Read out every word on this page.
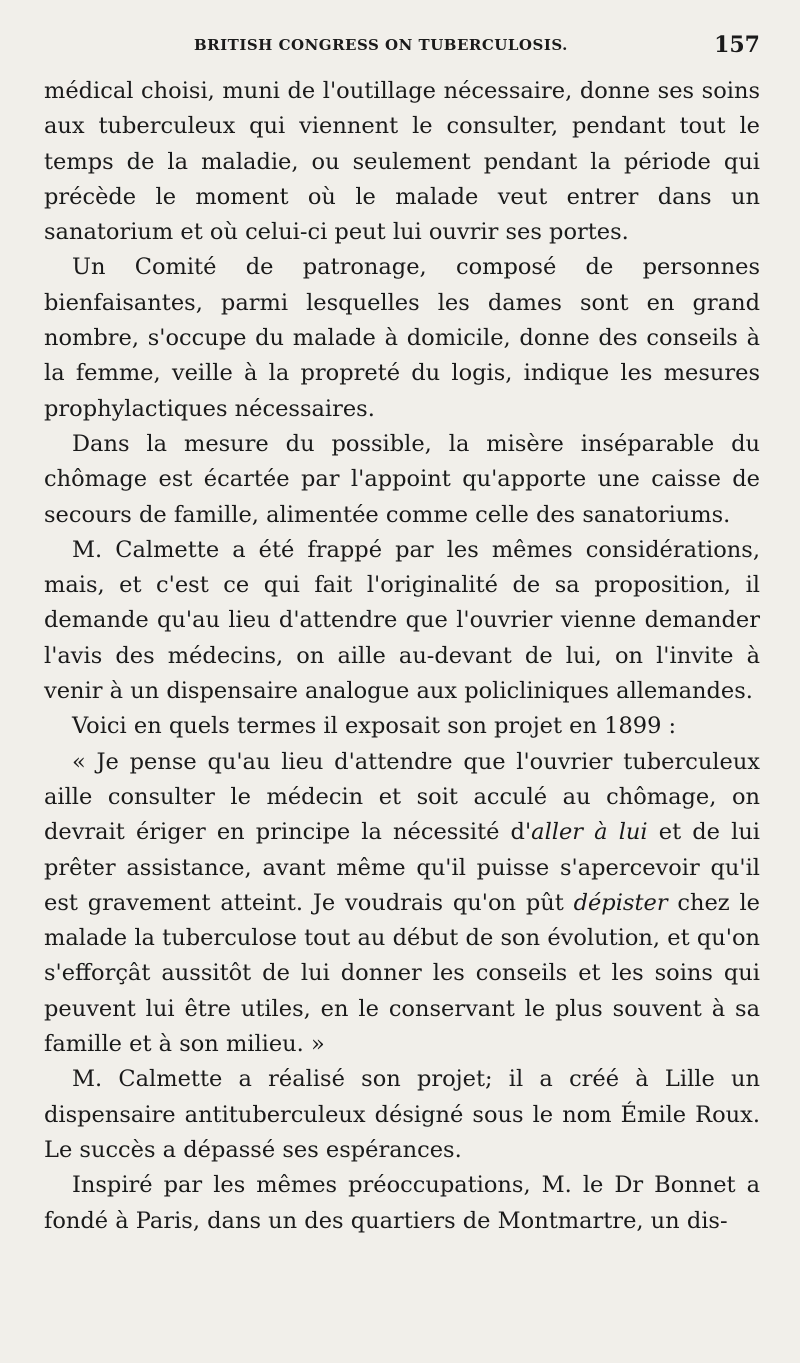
BRITISH CONGRESS ON TUBERCULOSIS.	157

médical choisi, muni de l'outillage nécessaire, donne ses soins aux tuberculeux qui viennent le consulter, pendant tout le temps de la maladie, ou seulement pendant la période qui précède le moment où le malade veut entrer dans un sanatorium et où celui-ci peut lui ouvrir ses portes.

Un Comité de patronage, composé de personnes bienfaisantes, parmi lesquelles les dames sont en grand nombre, s'occupe du malade à domicile, donne des conseils à la femme, veille à la propreté du logis, indique les mesures prophylactiques nécessaires.

Dans la mesure du possible, la misère inséparable du chômage est écartée par l'appoint qu'apporte une caisse de secours de famille, alimentée comme celle des sanatoriums.

M. Calmette a été frappé par les mêmes considérations, mais, et c'est ce qui fait l'originalité de sa proposition, il demande qu'au lieu d'attendre que l'ouvrier vienne demander l'avis des médecins, on aille au-devant de lui, on l'invite à venir à un dispensaire analogue aux policliniques allemandes.

Voici en quels termes il exposait son projet en 1899 :

« Je pense qu'au lieu d'attendre que l'ouvrier tuberculeux aille consulter le médecin et soit acculé au chômage, on devrait ériger en principe la nécessité d'aller à lui et de lui prêter assistance, avant même qu'il puisse s'apercevoir qu'il est gravement atteint. Je voudrais qu'on pût dépister chez le malade la tuberculose tout au début de son évolution, et qu'on s'efforçât aussitôt de lui donner les conseils et les soins qui peuvent lui être utiles, en le conservant le plus souvent à sa famille et à son milieu. »

M. Calmette a réalisé son projet; il a créé à Lille un dispensaire antituberculeux désigné sous le nom Émile Roux. Le succès a dépassé ses espérances.

Inspiré par les mêmes préoccupations, M. le Dr Bonnet a fondé à Paris, dans un des quartiers de Montmartre, un dis-
